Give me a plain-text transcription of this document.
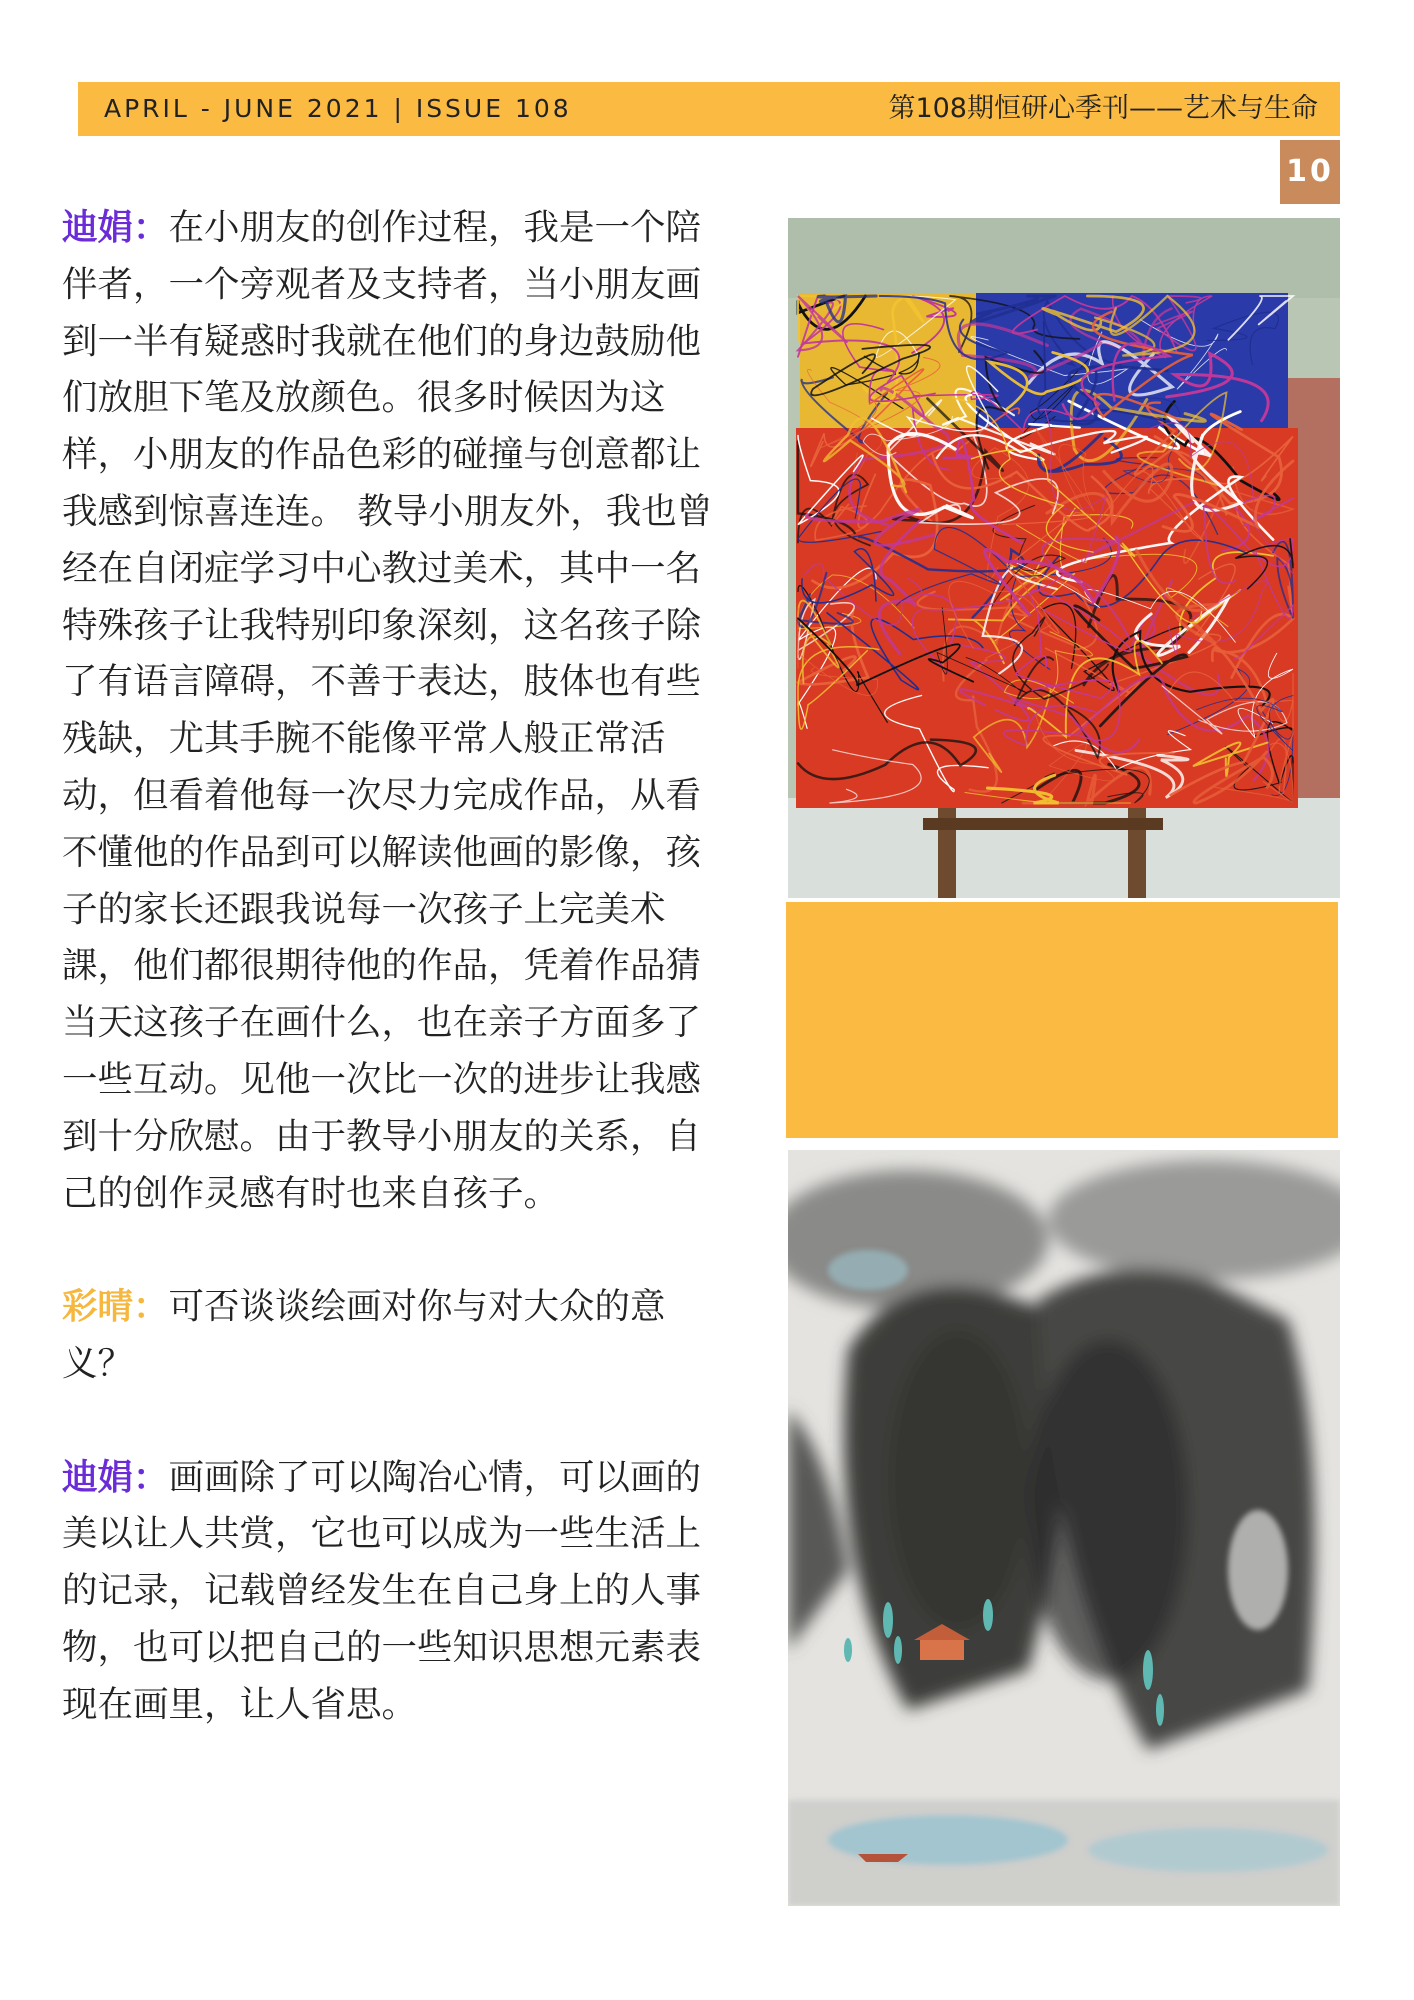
APRIL - JUNE 2021 | ISSUE 108	第108期恒研心季刊——艺术与生命
10

迪娟：在小朋友的创作过程，我是一个陪伴者，一个旁观者及支持者，当小朋友画到一半有疑惑时我就在他们的身边鼓励他们放胆下笔及放颜色。很多时候因为这样，小朋友的作品色彩的碰撞与创意都让我感到惊喜连连。 教导小朋友外，我也曾经在自闭症学习中心教过美术，其中一名特殊孩子让我特别印象深刻，这名孩子除了有语言障碍，不善于表达，肢体也有些残缺，尤其手腕不能像平常人般正常活动，但看着他每一次尽力完成作品，从看不懂他的作品到可以解读他画的影像，孩子的家长还跟我说每一次孩子上完美术課，他们都很期待他的作品，凭着作品猜当天这孩子在画什么，也在亲子方面多了一些互动。见他一次比一次的进步让我感到十分欣慰。由于教导小朋友的关系，自己的创作灵感有时也来自孩子。

彩晴：可否谈谈绘画对你与对大众的意义？

迪娟：画画除了可以陶冶心情，可以画的美以让人共赏，它也可以成为一些生活上的记录，记载曾经发生在自己身上的人事物，也可以把自己的一些知识思想元素表现在画里，让人省思。
